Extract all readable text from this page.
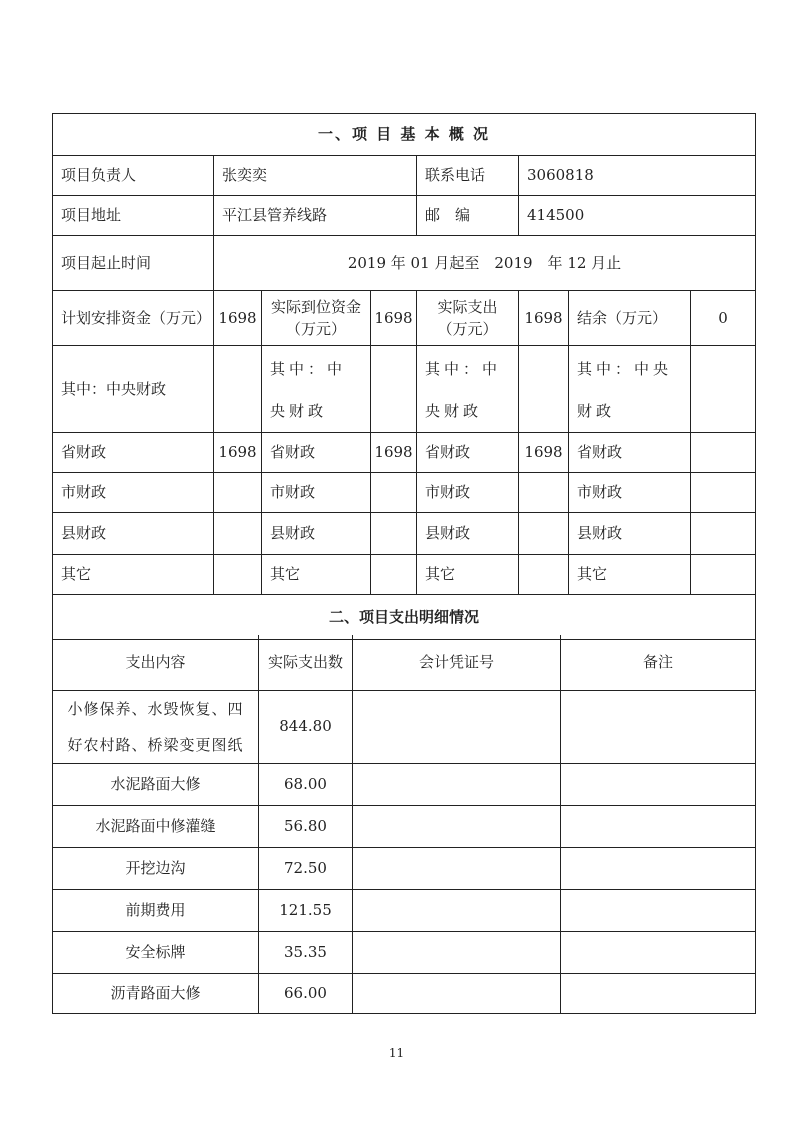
一、项 目 基 本 概 况							
项目负责人	张奕奕			联系电话	3060818		
项目地址	平江县管养线路			邮　编	414500		
项目起止时间	2019 年 01 月起至　2019　年 12 月止						
计划安排资金（万元）	1698	实际到位资金（万元）	1698	实际支出（万元）	1698	结余（万元）	0
其中：中央财政		其中：中央财政		其中：中央财政		其中：中央财政	
省财政	1698	省财政	1698	省财政	1698	省财政	
市财政		市财政		市财政		市财政	
县财政		县财政		县财政		县财政	
其它		其它		其它		其它	
二、项目支出明细情况							
支出内容	实际支出数	会计凭证号	备注
小修保养、水毁恢复、四好农村路、桥梁变更图纸	844.80		
水泥路面大修	68.00		
水泥路面中修灌缝	56.80		
开挖边沟	72.50		
前期费用	121.55		
安全标牌	35.35		
沥青路面大修	66.00		
11
